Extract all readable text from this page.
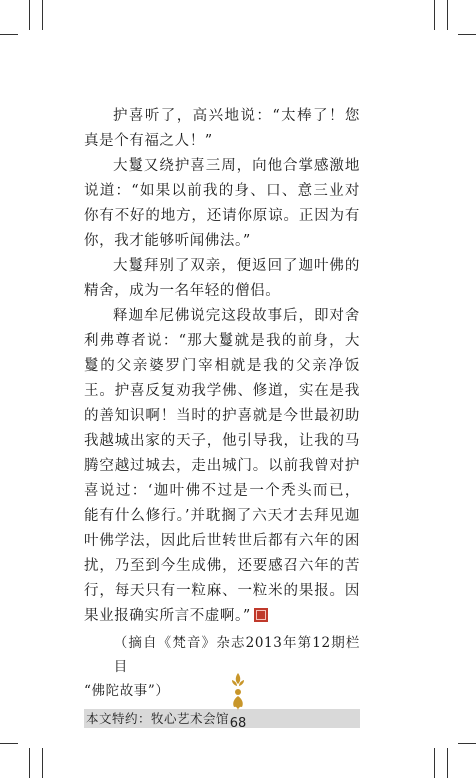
护喜听了，高兴地说：“太棒了！您真是个有福之人！”

大鬘又绕护喜三周，向他合掌感激地说道：“如果以前我的身、口、意三业对你有不好的地方，还请你原谅。正因为有你，我才能够听闻佛法。”

大鬘拜别了双亲，便返回了迦叶佛的精舍，成为一名年轻的僧侣。

释迦牟尼佛说完这段故事后，即对舍利弗尊者说：“那大鬘就是我的前身，大鬘的父亲婆罗门宰相就是我的父亲净饭王。护喜反复劝我学佛、修道，实在是我的善知识啊！当时的护喜就是今世最初助我越城出家的天子，他引导我，让我的马腾空越过城去，走出城门。以前我曾对护喜说过：‘迦叶佛不过是一个秃头而已，能有什么修行。’并耽搁了六天才去拜见迦叶佛学法，因此后世转世后都有六年的困扰，乃至到今生成佛，还要感召六年的苦行，每天只有一粒麻、一粒米的果报。因果业报确实所言不虚啊。”

（摘自《梵音》杂志2013年第12期栏目
“佛陀故事”）
本文特约：牧心艺术会馆 68
